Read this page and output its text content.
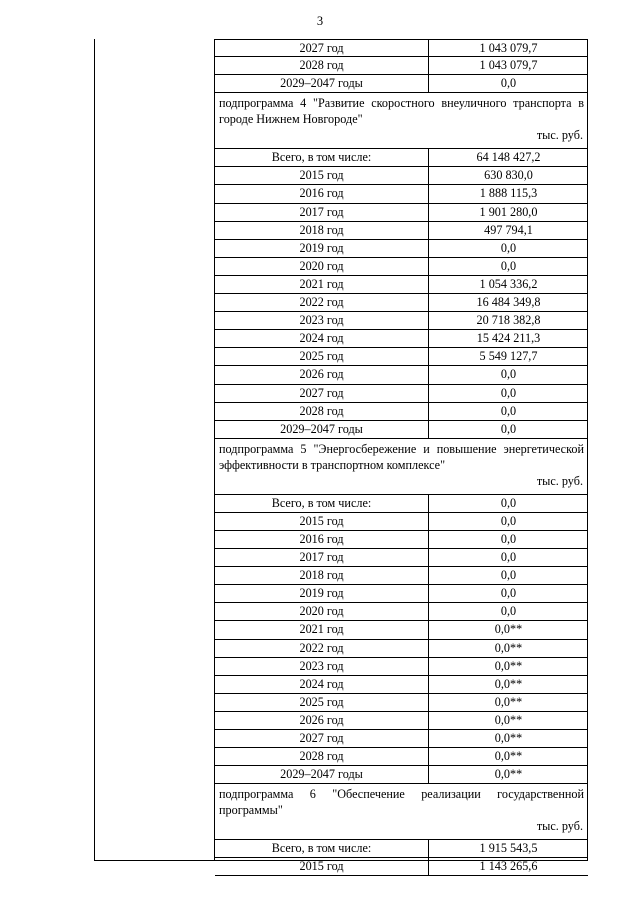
3
2027 год	1 043 079,7
2028 год	1 043 079,7
2029–2047 годы	0,0
подпрограмма 4 "Развитие скоростного внеуличного транспорта в городе Нижнем Новгороде"
тыс. руб.
Всего, в том числе:	64 148 427,2
2015 год	630 830,0
2016 год	1 888 115,3
2017 год	1 901 280,0
2018 год	497 794,1
2019 год	0,0
2020 год	0,0
2021 год	1 054 336,2
2022 год	16 484 349,8
2023 год	20 718 382,8
2024 год	15 424 211,3
2025 год	5 549 127,7
2026 год	0,0
2027 год	0,0
2028 год	0,0
2029–2047 годы	0,0
подпрограмма 5 "Энергосбережение и повышение энергетической эффективности в транспортном комплексе"
тыс. руб.
Всего, в том числе:	0,0
2015 год	0,0
2016 год	0,0
2017 год	0,0
2018 год	0,0
2019 год	0,0
2020 год	0,0
2021 год	0,0**
2022 год	0,0**
2023 год	0,0**
2024 год	0,0**
2025 год	0,0**
2026 год	0,0**
2027 год	0,0**
2028 год	0,0**
2029–2047 годы	0,0**
подпрограмма 6 "Обеспечение реализации государственной программы"
тыс. руб.
Всего, в том числе:	1 915 543,5
2015 год	1 143 265,6
